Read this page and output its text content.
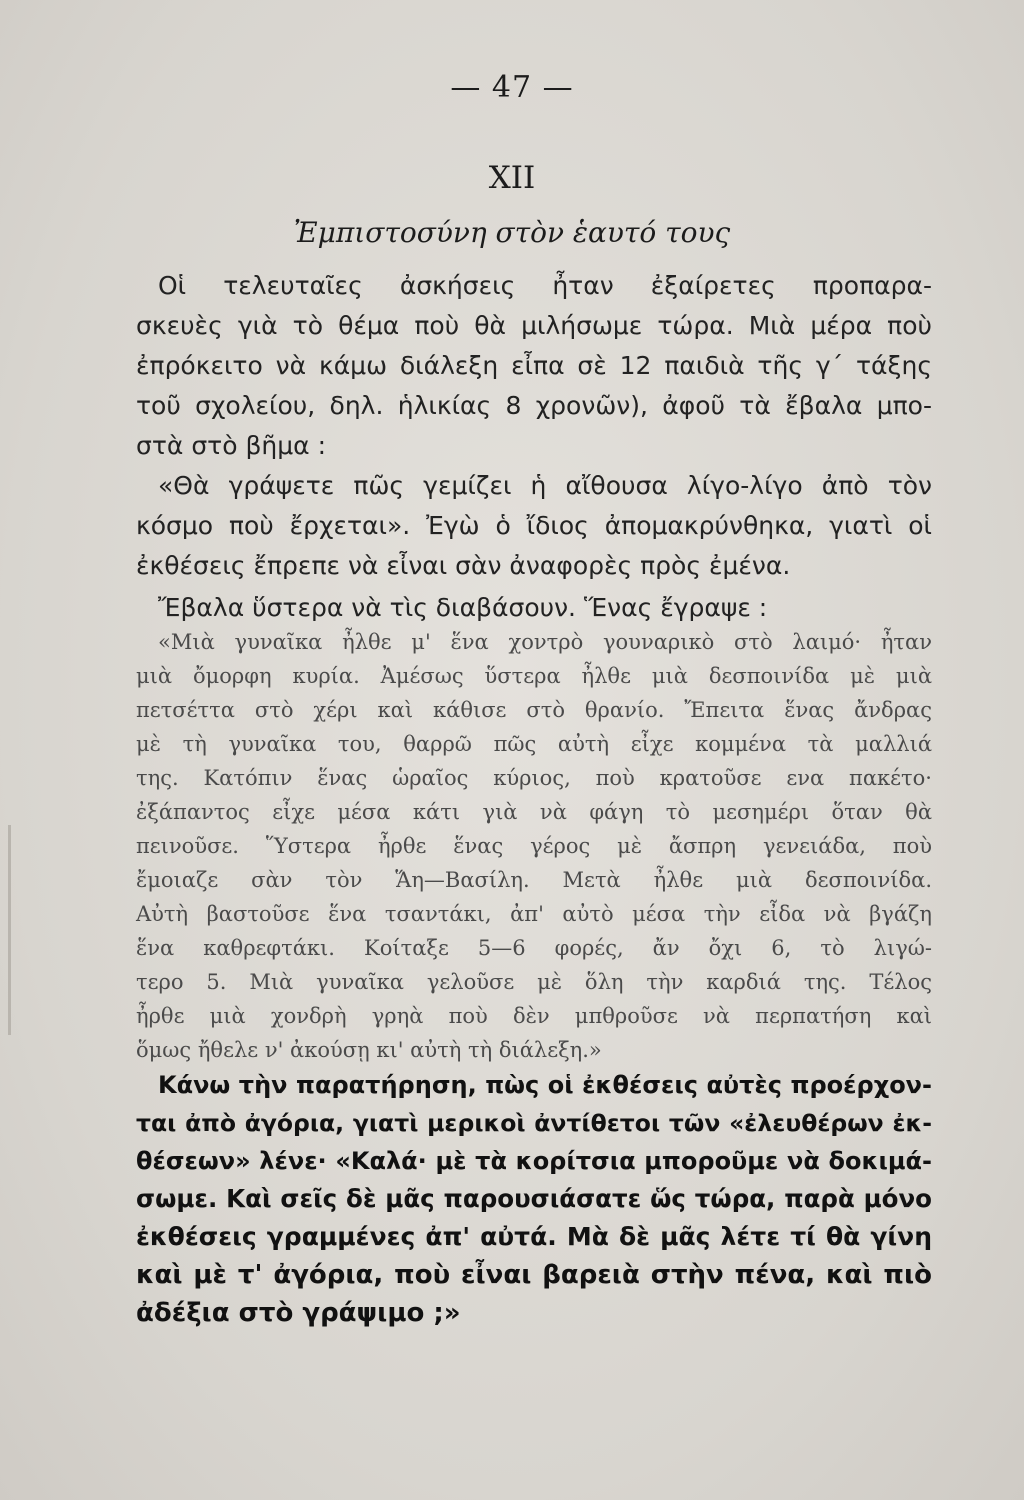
— 47 —
XII
Ἐμπιστοσύνη στὸν ἑαυτό τους
Οἱ τελευταῖες ἀσκήσεις ἦταν ἐξαίρετες προπαρα-
σκευὲς γιὰ τὸ θέμα ποὺ θὰ μιλήσωμε τώρα. Μιὰ μέρα ποὺ
ἐπρόκειτο νὰ κάμω διάλεξη εἶπα σὲ 12 παιδιὰ τῆς γ΄ τάξης
τοῦ σχολείου, δηλ. ἡλικίας 8 χρονῶν), ἀφοῦ τὰ ἔβαλα μπο-
στὰ στὸ βῆμα :
«Θὰ γράψετε πῶς γεμίζει ἡ αἴθουσα λίγο-λίγο ἀπὸ τὸν
κόσμο ποὺ ἔρχεται». Ἐγὼ ὁ ἴδιος ἀπομακρύνθηκα, γιατὶ οἱ
ἐκθέσεις ἔπρεπε νὰ εἶναι σὰν ἀναφορὲς πρὸς ἐμένα.
Ἔβαλα ὕστερα νὰ τὶς διαβάσουν. Ἕνας ἔγραψε :
«Μιὰ γυναῖκα ἦλθε μ' ἕνα χοντρὸ γουναρικὸ στὸ λαιμό· ἦταν
μιὰ ὄμορφη κυρία. Ἀμέσως ὕστερα ἦλθε μιὰ δεσποινίδα μὲ μιὰ
πετσέττα στὸ χέρι καὶ κάθισε στὸ θρανίο. Ἔπειτα ἕνας ἄνδρας
μὲ τὴ γυναῖκα του, θαρρῶ πῶς αὐτὴ εἶχε κομμένα τὰ μαλλιά
της. Κατόπιν ἕνας ὡραῖος κύριος, ποὺ κρατοῦσε ενα πακέτο·
ἐξάπαντος εἶχε μέσα κάτι γιὰ νὰ φάγη τὸ μεσημέρι ὅταν θὰ
πεινοῦσε. Ὕστερα ἦρθε ἕνας γέρος μὲ ἄσπρη γενειάδα, ποὺ
ἔμοιαζε σὰν τὸν Ἅη—Βασίλη. Μετὰ ἦλθε μιὰ δεσποινίδα.
Αὐτὴ βαστοῦσε ἕνα τσαντάκι, ἀπ' αὐτὸ μέσα τὴν εἶδα νὰ βγάζη
ἕνα καθρεφτάκι. Κοίταξε 5—6 φορές, ἄν ὄχι 6, τὸ λιγώ-
τερο 5. Μιὰ γυναῖκα γελοῦσε μὲ ὅλη τὴν καρδιά της. Τέλος
ἦρθε μιὰ χονδρὴ γρηὰ ποὺ δὲν μπθροῦσε νὰ περπατήση καὶ
ὅμως ἤθελε ν' ἀκούσῃ κι' αὐτὴ τὴ διάλεξη.»
Κάνω τὴν παρατήρηση, πὼς οἱ ἐκθέσεις αὐτὲς προέρχον-
ται ἀπὸ ἀγόρια, γιατὶ μερικοὶ ἀντίθετοι τῶν «ἐλευθέρων ἐκ-
θέσεων» λένε· «Καλά· μὲ τὰ κορίτσια μποροῦμε νὰ δοκιμά-
σωμε. Καὶ σεῖς δὲ μᾶς παρουσιάσατε ὥς τώρα, παρὰ μόνο
ἐκθέσεις γραμμένες ἀπ' αὐτά. Μὰ δὲ μᾶς λέτε τί θὰ γίνη
καὶ μὲ τ' ἀγόρια, ποὺ εἶναι βαρειὰ στὴν πένα, καὶ πιὸ
ἀδέξια στὸ γράψιμο ;»
